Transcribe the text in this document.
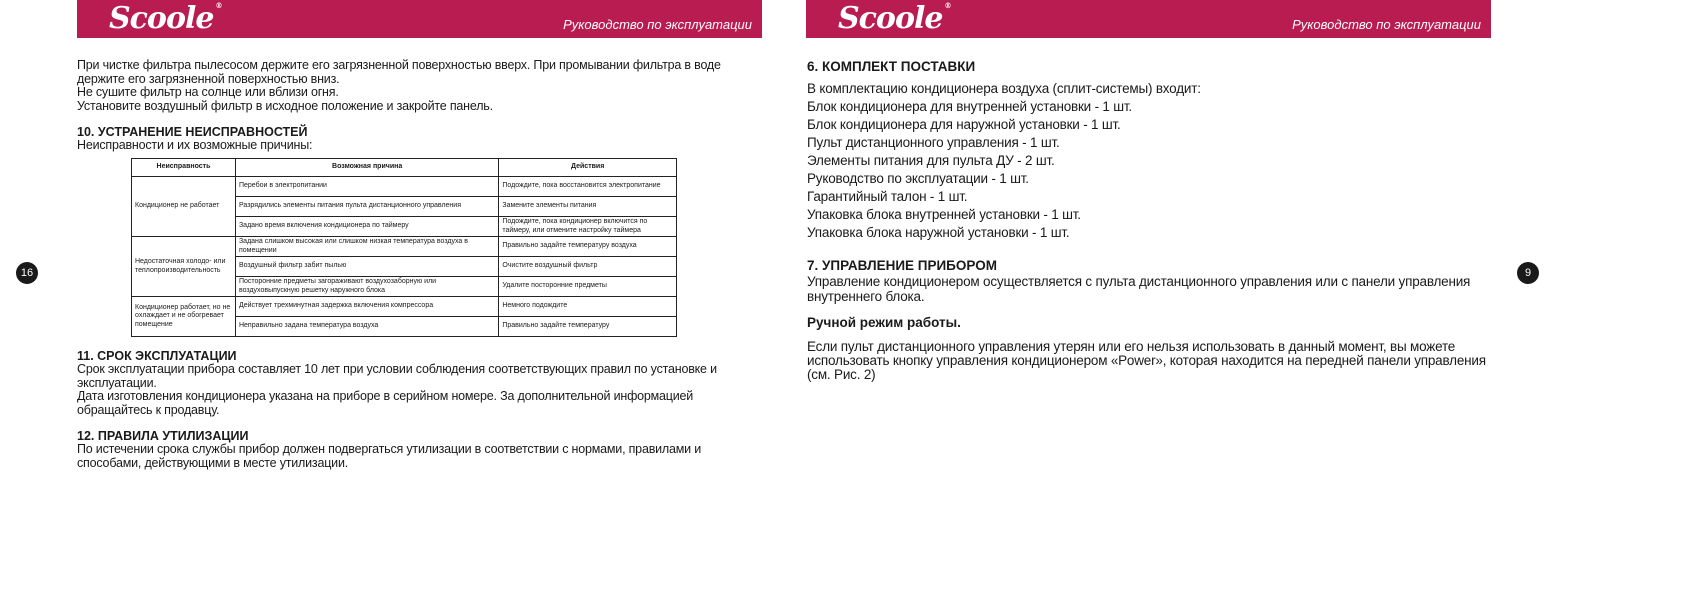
Scoole ®
Руководство по эксплуатации	Scoole ®
Руководство по эксплуатации
16	9

При чистке фильтра пылесосом держите его загрязненной поверхностью вверх. При промывании фильтра в воде держите его загрязненной поверхностью вниз.

Не сушите фильтр на солнце или вблизи огня.

Установите воздушный фильтр в исходное положение и закройте панель.

10. УСТРАНЕНИЕ НЕИСПРАВНОСТЕЙ

Неисправности и их возможные причины:

Неисправность	Возможная причина	Действия
Кондиционер не работает	Перебои в электропитании	Подождите, пока восстановится электропитание
	Разрядились элементы питания пульта дистанционного управления	Замените элементы питания
	Задано время включения кондиционера по таймеру	Подождите, пока кондиционер включится по таймеру, или отмените настройку таймера
Недостаточная холодо- или теплопроизводительность	Задана слишком высокая или слишком низкая температура воздуха в помещении	Правильно задайте температуру воздуха
	Воздушный фильтр забит пылью	Очистите воздушный фильтр
	Посторонние предметы загораживают воздухозаборную или воздуховыпускную решетку наружного блока	Удалите посторонние предметы
Кондиционер работает, но не охлаждает и не обогревает помещение	Действует трехминутная задержка включения компрессора	Немного подождите
	Неправильно задана температура воздуха	Правильно задайте температуру
11. СРОК ЭКСПЛУАТАЦИИ

Срок эксплуатации прибора составляет 10 лет при условии соблюдения соответствующих правил по установке и эксплуатации.

Дата изготовления кондиционера указана на приборе в серийном номере. За дополнительной информацией обращайтесь к продавцу.

12. ПРАВИЛА УТИЛИЗАЦИИ

По истечении срока службы прибор должен подвергаться утилизации в соответствии с нормами, правилами и способами, действующими в месте утилизации.

6. КОМПЛЕКТ ПОСТАВКИ

В комплектацию кондиционера воздуха (сплит-системы) входит:

Блок кондиционера для внутренней установки - 1 шт.

Блок кондиционера для наружной установки - 1 шт.

Пульт дистанционного управления - 1 шт.

Элементы питания для пульта ДУ - 2 шт.

Руководство по эксплуатации - 1 шт.

Гарантийный талон - 1 шт.

Упаковка блока внутренней установки - 1 шт.

Упаковка блока наружной установки - 1 шт.

7. УПРАВЛЕНИЕ ПРИБОРОМ

Управление кондиционером осуществляется с пульта дистанционного управления или с панели управления внутреннего блока.

Ручной режим работы.

Если пульт дистанционного управления утерян или его нельзя использовать в данный момент, вы можете использовать кнопку управления кондиционером «Power», которая находится на передней панели управления (см. Рис. 2)
